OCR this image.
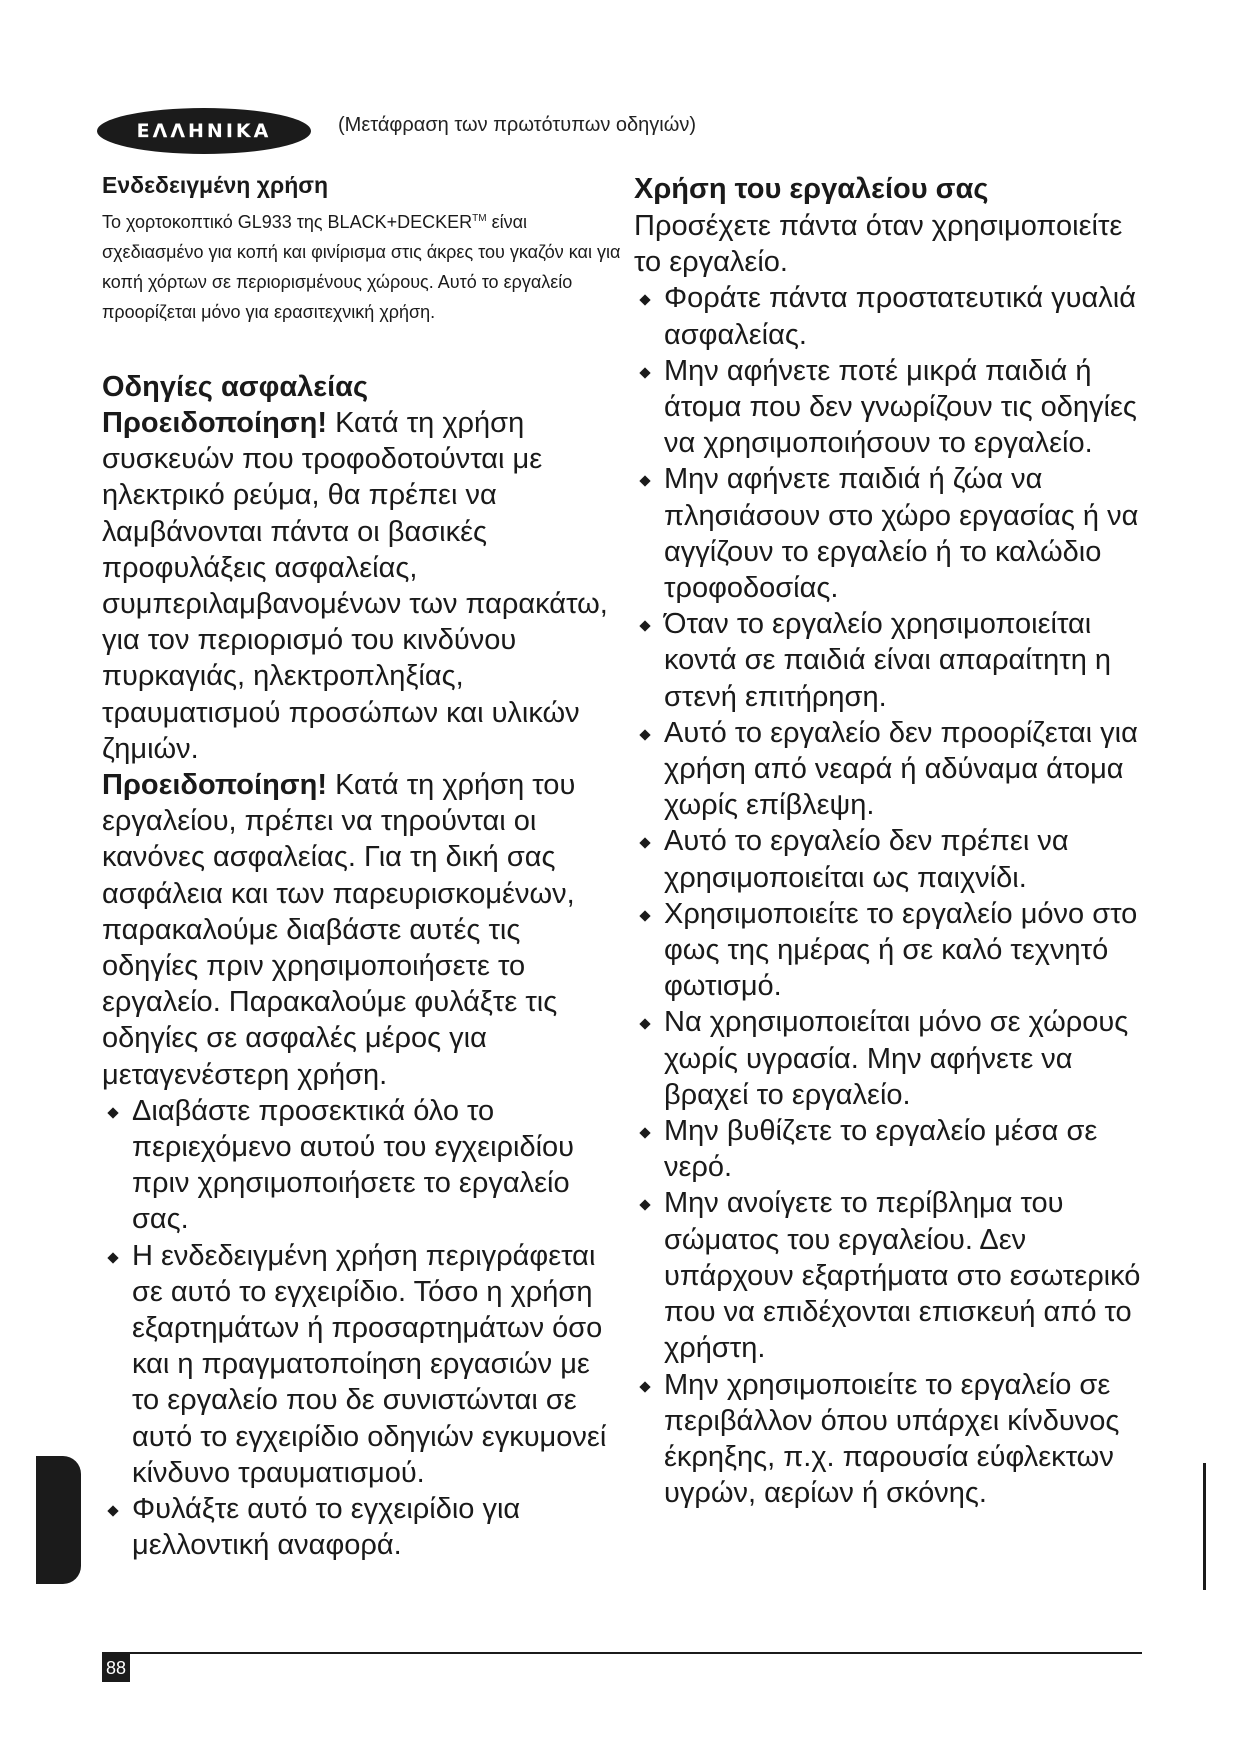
ΕΛΛΗΝΙΚΑ	(Μετάφραση των πρωτότυπων οδηγιών)
Ενδεδειγμένη χρήση

Το χορτοκοπτικό GL933 της BLACK+DECKER™ είναι σχεδιασμένο για κοπή και φινίρισμα στις άκρες του γκαζόν και για κοπή χόρτων σε περιορισμένους χώρους. Αυτό το εργαλείο προορίζεται μόνο για ερασιτεχνική χρήση.

Οδηγίες ασφαλείας

Προειδοποίηση! Κατά τη χρήση συσκευών που τροφοδοτούνται με ηλεκτρικό ρεύμα, θα πρέπει να λαμβάνονται πάντα οι βασικές προφυλάξεις ασφαλείας, συμπεριλαμβανομένων των παρακάτω, για τον περιορισμό του κινδύνου πυρκαγιάς, ηλεκτροπληξίας, τραυματισμού προσώπων και υλικών ζημιών.

Προειδοποίηση! Κατά τη χρήση του εργαλείου, πρέπει να τηρούνται οι κανόνες ασφαλείας. Για τη δική σας ασφάλεια και των παρευρισκομένων, παρακαλούμε διαβάστε αυτές τις οδηγίες πριν χρησιμοποιήσετε το εργαλείο. Παρακαλούμε φυλάξτε τις οδηγίες σε ασφαλές μέρος για μεταγενέστερη χρήση.

Διαβάστε προσεκτικά όλο το περιεχόμενο αυτού του εγχειριδίου πριν χρησιμοποιήσετε το εργαλείο σας.
Η ενδεδειγμένη χρήση περιγράφεται σε αυτό το εγχειρίδιο. Τόσο η χρήση εξαρτημάτων ή προσαρτημάτων όσο και η πραγματοποίηση εργασιών με το εργαλείο που δε συνιστώνται σε αυτό το εγχειρίδιο οδηγιών εγκυμονεί κίνδυνο τραυματισμού.
Φυλάξτε αυτό το εγχειρίδιο για μελλοντική αναφορά.
Χρήση του εργαλείου σας

Προσέχετε πάντα όταν χρησιμοποιείτε το εργαλείο.

Φοράτε πάντα προστατευτικά γυαλιά ασφαλείας.
Μην αφήνετε ποτέ μικρά παιδιά ή άτομα που δεν γνωρίζουν τις οδηγίες να χρησιμοποιήσουν το εργαλείο.
Μην αφήνετε παιδιά ή ζώα να πλησιάσουν στο χώρο εργασίας ή να αγγίζουν το εργαλείο ή το καλώδιο τροφοδοσίας.
Όταν το εργαλείο χρησιμοποιείται κοντά σε παιδιά είναι απαραίτητη η στενή επιτήρηση.
Αυτό το εργαλείο δεν προορίζεται για χρήση από νεαρά ή αδύναμα άτομα χωρίς επίβλεψη.
Αυτό το εργαλείο δεν πρέπει να χρησιμοποιείται ως παιχνίδι.
Χρησιμοποιείτε το εργαλείο μόνο στο φως της ημέρας ή σε καλό τεχνητό φωτισμό.
Να χρησιμοποιείται μόνο σε χώρους χωρίς υγρασία. Μην αφήνετε να βραχεί το εργαλείο.
Μην βυθίζετε το εργαλείο μέσα σε νερό.
Μην ανοίγετε το περίβλημα του σώματος του εργαλείου. Δεν υπάρχουν εξαρτήματα στο εσωτερικό που να επιδέχονται επισκευή από το χρήστη.
Μην χρησιμοποιείτε το εργαλείο σε περιβάλλον όπου υπάρχει κίνδυνος έκρηξης, π.χ. παρουσία εύφλεκτων υγρών, αερίων ή σκόνης.
88
